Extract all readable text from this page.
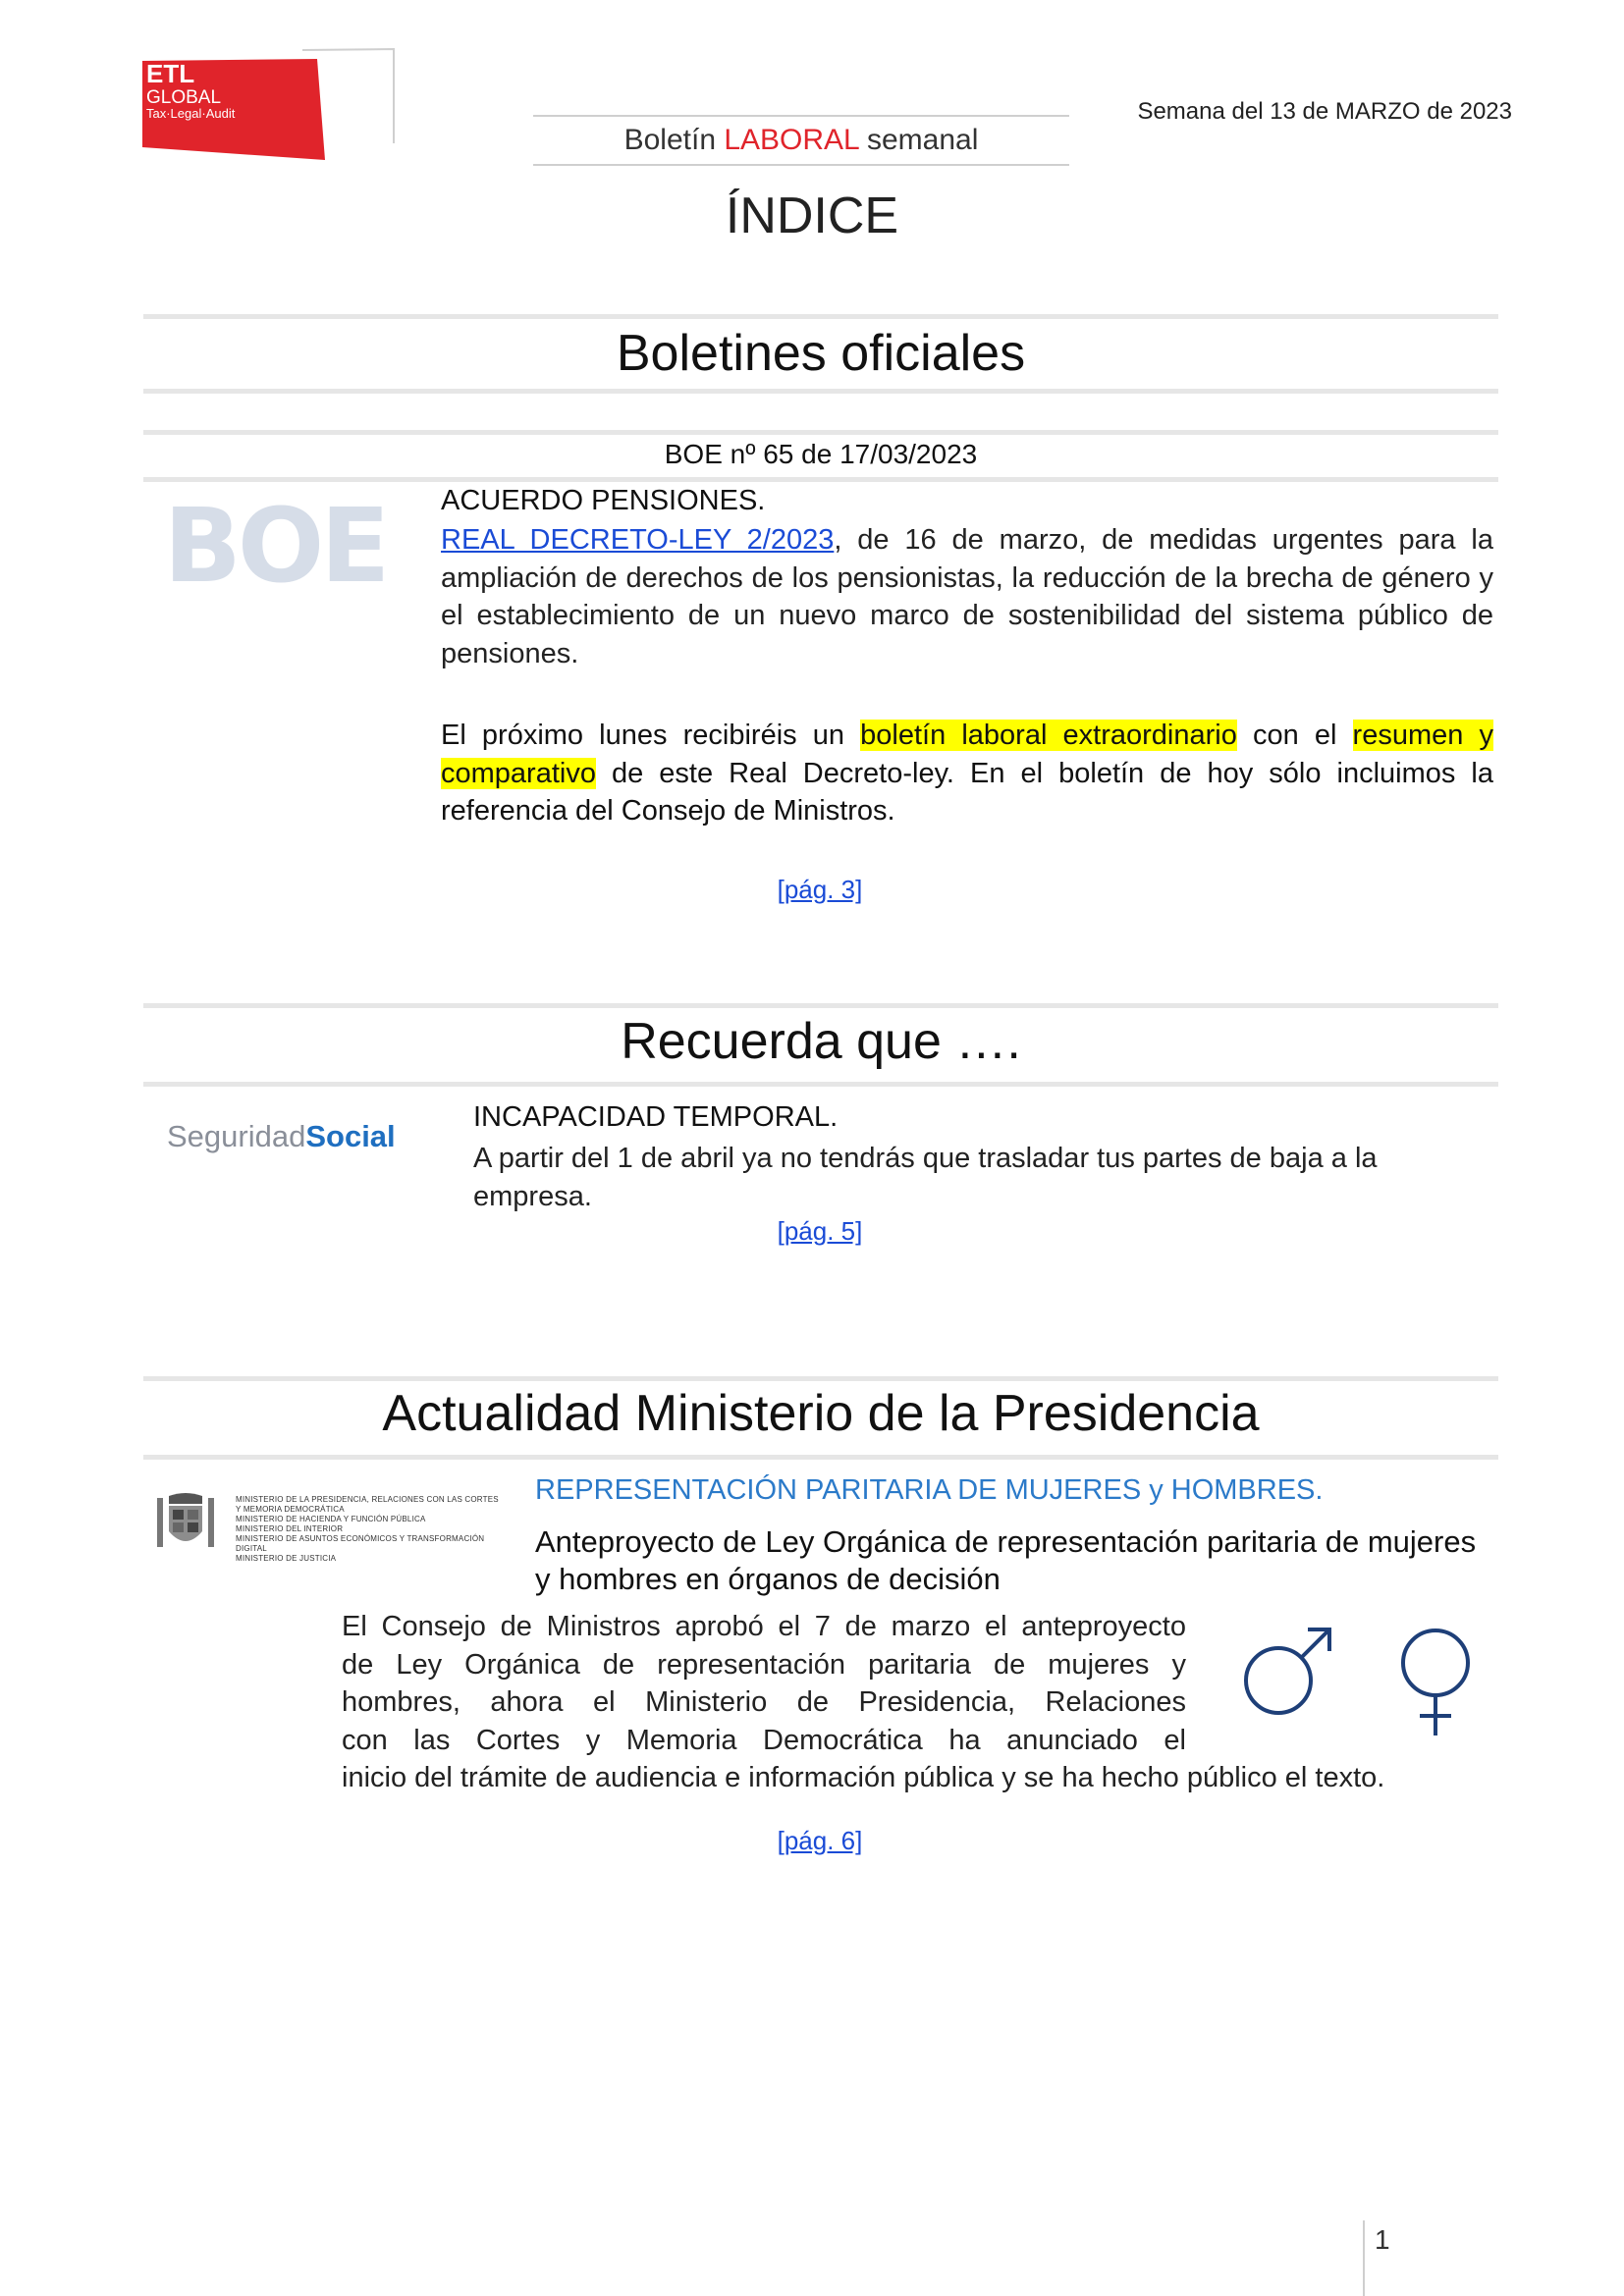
ETL
GLOBAL
Tax·Legal·Audit	Semana del 13 de MARZO de 2023
Boletín LABORAL semanal
ÍNDICE
Boletines oficiales
BOE nº 65 de 17/03/2023
BOE ACUERDO PENSIONES.
REAL DECRETO-LEY 2/2023, de 16 de marzo, de medidas urgentes para la ampliación de derechos de los pensionistas, la reducción de la brecha de género y el establecimiento de un nuevo marco de sostenibilidad del sistema público de pensiones.
El próximo lunes recibiréis un boletín laboral extraordinario con el resumen y comparativo de este Real Decreto-ley. En el boletín de hoy sólo incluimos la referencia del Consejo de Ministros.
[pág. 3]
Recuerda que ….
SeguridadSocial
INCAPACIDAD TEMPORAL.
A partir del 1 de abril ya no tendrás que trasladar tus partes de baja a la empresa.
[pág. 5]
Actualidad Ministerio de la Presidencia
MINISTERIO DE LA PRESIDENCIA, RELACIONES CON LAS CORTES
Y MEMORIA DEMOCRÁTICA
MINISTERIO DE HACIENDA Y FUNCIÓN PÚBLICA
MINISTERIO DEL INTERIOR
MINISTERIO DE ASUNTOS ECONÓMICOS Y TRANSFORMACIÓN DIGITAL
MINISTERIO DE JUSTICIA
REPRESENTACIÓN PARITARIA DE MUJERES y HOMBRES.
Anteproyecto de Ley Orgánica de representación paritaria de mujeres y hombres en órganos de decisión
El Consejo de Ministros aprobó el 7 de marzo el anteproyecto
de Ley Orgánica de representación paritaria de mujeres y
hombres, ahora el Ministerio de Presidencia, Relaciones
con las Cortes y Memoria Democrática ha anunciado el
inicio del trámite de audiencia e información pública y se ha hecho público el texto.
[pág. 6]
1
